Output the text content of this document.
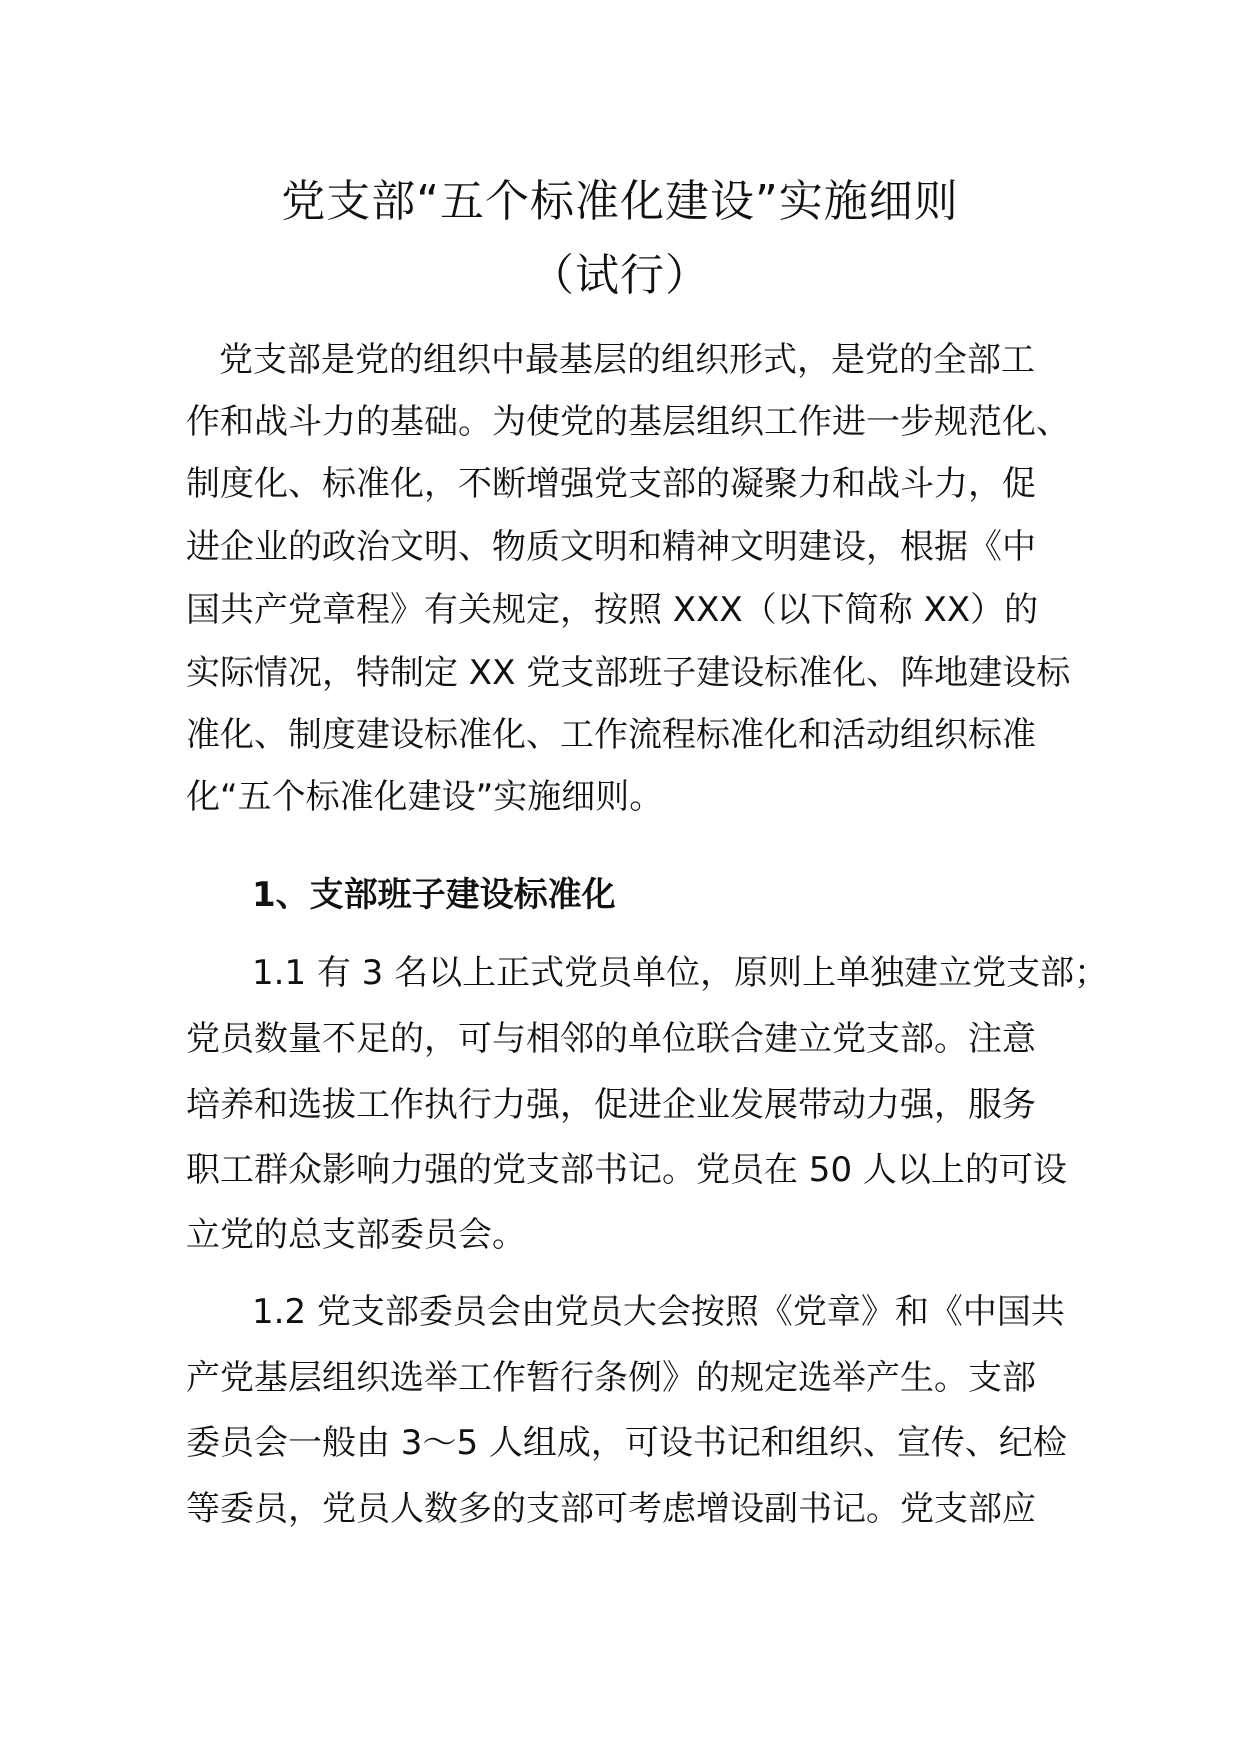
党支部“五个标准化建设”实施细则
（试行）
党支部是党的组织中最基层的组织形式，是党的全部工
作和战斗力的基础。为使党的基层组织工作进一步规范化、
制度化、标准化，不断增强党支部的凝聚力和战斗力，促
进企业的政治文明、物质文明和精神文明建设，根据《中
国共产党章程》有关规定，按照 XXX（以下简称 XX）的
实际情况，特制定 XX 党支部班子建设标准化、阵地建设标
准化、制度建设标准化、工作流程标准化和活动组织标准
化“五个标准化建设”实施细则。
1、支部班子建设标准化
1.1 有 3 名以上正式党员单位，原则上单独建立党支部；
党员数量不足的，可与相邻的单位联合建立党支部。注意
培养和选拔工作执行力强，促进企业发展带动力强，服务
职工群众影响力强的党支部书记。党员在 50 人以上的可设
立党的总支部委员会。
1.2 党支部委员会由党员大会按照《党章》和《中国共
产党基层组织选举工作暂行条例》的规定选举产生。支部
委员会一般由 3～5 人组成，可设书记和组织、宣传、纪检
等委员，党员人数多的支部可考虑增设副书记。党支部应
